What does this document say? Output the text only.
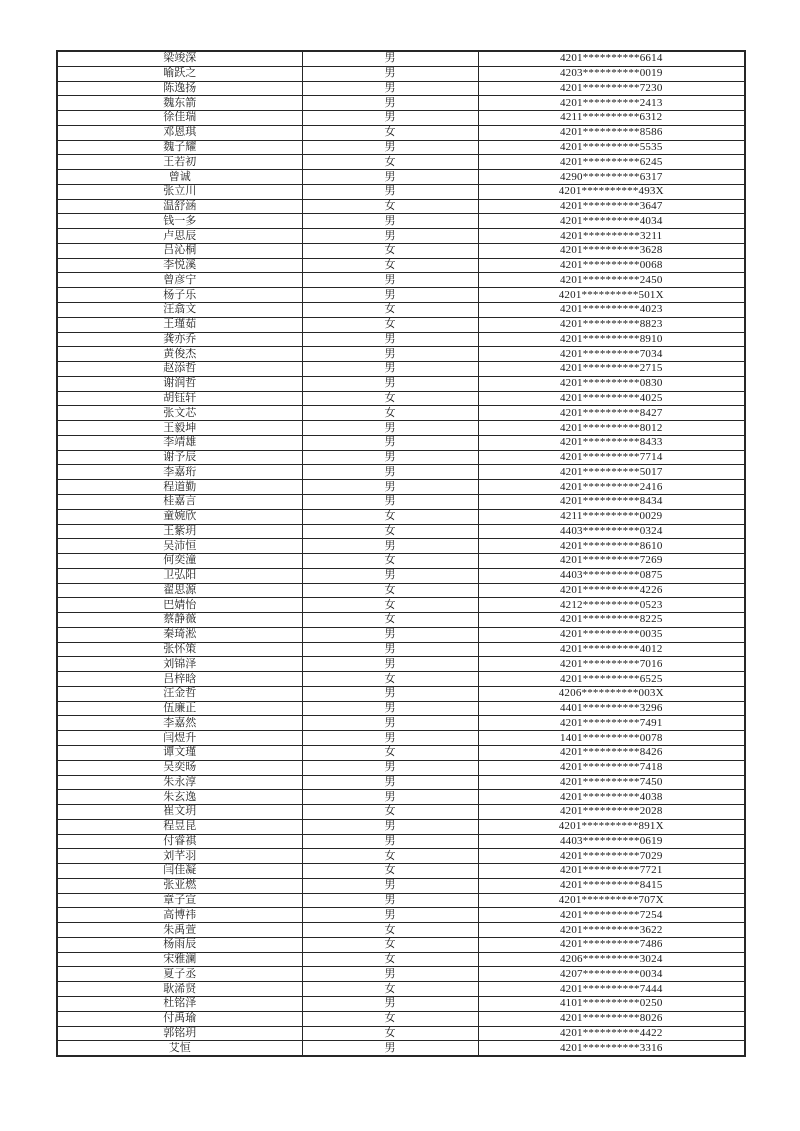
梁竣深	男	4201**********6614
喻跃之	男	4203**********0019
陈逸扬	男	4201**********7230
魏东箭	男	4201**********2413
徐佳瑞	男	4211**********6312
邓恩琪	女	4201**********8586
魏子耀	男	4201**********5535
王若初	女	4201**********6245
曾诚	男	4290**********6317
张立川	男	4201**********493X
温舒涵	女	4201**********3647
钱一多	男	4201**********4034
卢思辰	男	4201**********3211
吕沁桐	女	4201**********3628
李悦溪	女	4201**********0068
曾彦宁	男	4201**********2450
杨子乐	男	4201**********501X
汪翕文	女	4201**********4023
王瑾茹	女	4201**********8823
龚亦乔	男	4201**********8910
黄俊杰	男	4201**********7034
赵添哲	男	4201**********2715
谢润哲	男	4201**********0830
胡钰轩	女	4201**********4025
张文芯	女	4201**********8427
王毅坤	男	4201**********8012
李靖雄	男	4201**********8433
谢予辰	男	4201**********7714
李嘉珩	男	4201**********5017
程道勤	男	4201**********2416
桂嘉言	男	4201**********8434
童婉欣	女	4211**********0029
王紫玥	女	4403**********0324
吴沛恒	男	4201**********8610
何奕潼	女	4201**********7269
卫弘阳	男	4403**********0875
翟思源	女	4201**********4226
巴婧怡	女	4212**********0523
蔡静薇	女	4201**********8225
秦琦淞	男	4201**********0035
张怀策	男	4201**********4012
刘锦泽	男	4201**********7016
吕梓晗	女	4201**********6525
汪金哲	男	4206**********003X
伍廉正	男	4401**********3296
李嘉然	男	4201**********7491
闫煜升	男	1401**********0078
谭文瑾	女	4201**********8426
吴奕旸	男	4201**********7418
朱永淳	男	4201**********7450
朱玄逸	男	4201**********4038
崔文玥	女	4201**********2028
程昱昆	男	4201**********891X
付睿祺	男	4403**********0619
刘芊羽	女	4201**********7029
闫佳凝	女	4201**********7721
张亚燃	男	4201**********8415
章子宣	男	4201**********707X
高博祎	男	4201**********7254
朱禹萱	女	4201**********3622
杨雨辰	女	4201**********7486
宋雅澜	女	4206**********3024
夏子丞	男	4207**********0034
耿浠贤	女	4201**********7444
杜铭泽	男	4101**********0250
付禹瑜	女	4201**********8026
郭铭玥	女	4201**********4422
艾恒	男	4201**********3316
